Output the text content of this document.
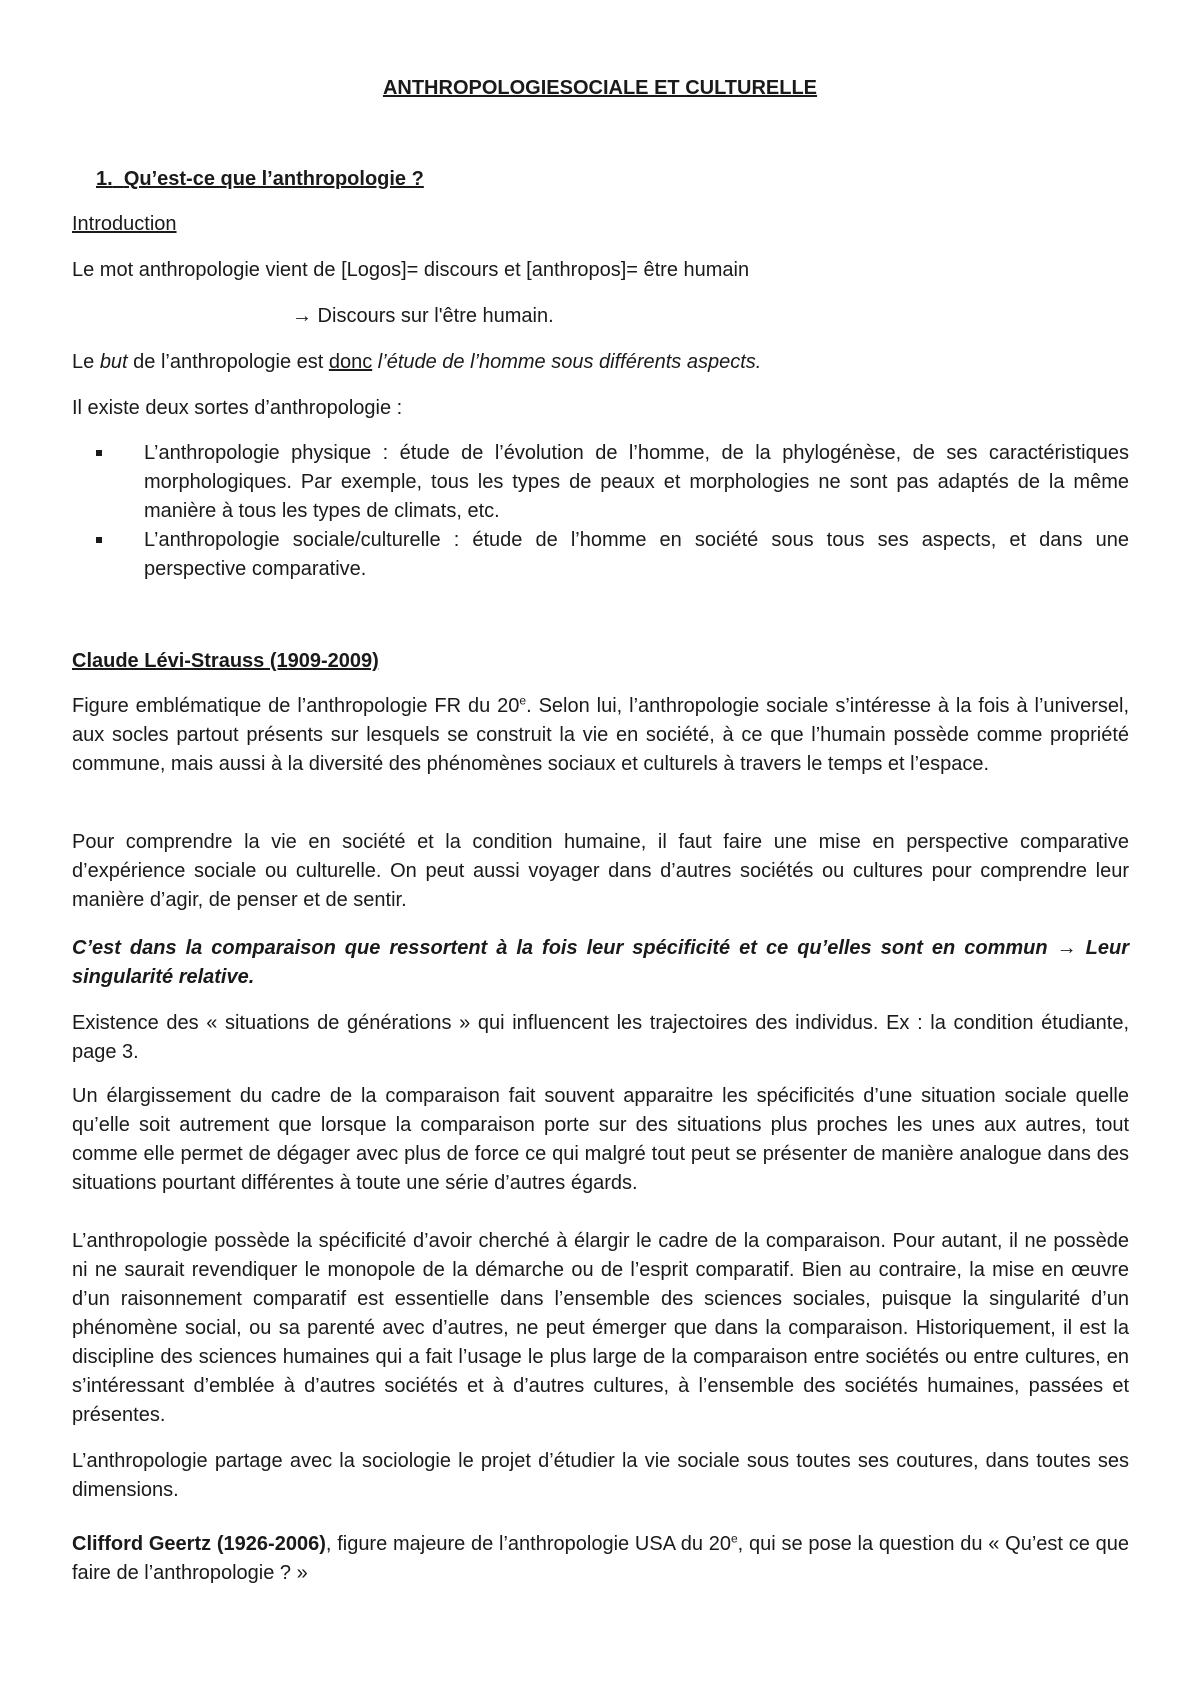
ANTHROPOLOGIESOCIALE ET CULTURELLE

1. Qu’est-ce que l’anthropologie ?

Introduction

Le mot anthropologie vient de [Logos]= discours et [anthropos]= être humain

→ Discours sur l'être humain.

Le but de l’anthropologie est donc l’étude de l’homme sous différents aspects.

Il existe deux sortes d’anthropologie :

L’anthropologie physique : étude de l’évolution de l’homme, de la phylogénèse, de ses caractéristiques morphologiques. Par exemple, tous les types de peaux et morphologies ne sont pas adaptés de la même manière à tous les types de climats, etc.
L’anthropologie sociale/culturelle : étude de l’homme en société sous tous ses aspects, et dans une perspective comparative.

Claude Lévi-Strauss (1909-2009)

Figure emblématique de l’anthropologie FR du 20e. Selon lui, l’anthropologie sociale s’intéresse à la fois à l’universel, aux socles partout présents sur lesquels se construit la vie en société, à ce que l’humain possède comme propriété commune, mais aussi à la diversité des phénomènes sociaux et culturels à travers le temps et l’espace.

Pour comprendre la vie en société et la condition humaine, il faut faire une mise en perspective comparative d’expérience sociale ou culturelle. On peut aussi voyager dans d’autres sociétés ou cultures pour comprendre leur manière d’agir, de penser et de sentir.

C’est dans la comparaison que ressortent à la fois leur spécificité et ce qu’elles sont en commun → Leur singularité relative.

Existence des « situations de générations » qui influencent les trajectoires des individus. Ex : la condition étudiante, page 3.

Un élargissement du cadre de la comparaison fait souvent apparaitre les spécificités d’une situation sociale quelle qu’elle soit autrement que lorsque la comparaison porte sur des situations plus proches les unes aux autres, tout comme elle permet de dégager avec plus de force ce qui malgré tout peut se présenter de manière analogue dans des situations pourtant différentes à toute une série d’autres égards.

L’anthropologie possède la spécificité d’avoir cherché à élargir le cadre de la comparaison. Pour autant, il ne possède ni ne saurait revendiquer le monopole de la démarche ou de l’esprit comparatif. Bien au contraire, la mise en œuvre d’un raisonnement comparatif est essentielle dans l’ensemble des sciences sociales, puisque la singularité d’un phénomène social, ou sa parenté avec d’autres, ne peut émerger que dans la comparaison. Historiquement, il est la discipline des sciences humaines qui a fait l’usage le plus large de la comparaison entre sociétés ou entre cultures, en s’intéressant d’emblée à d’autres sociétés et à d’autres cultures, à l’ensemble des sociétés humaines, passées et présentes.

L’anthropologie partage avec la sociologie le projet d’étudier la vie sociale sous toutes ses coutures, dans toutes ses dimensions.

Clifford Geertz (1926-2006), figure majeure de l’anthropologie USA du 20e, qui se pose la question du « Qu’est ce que faire de l’anthropologie ? »
